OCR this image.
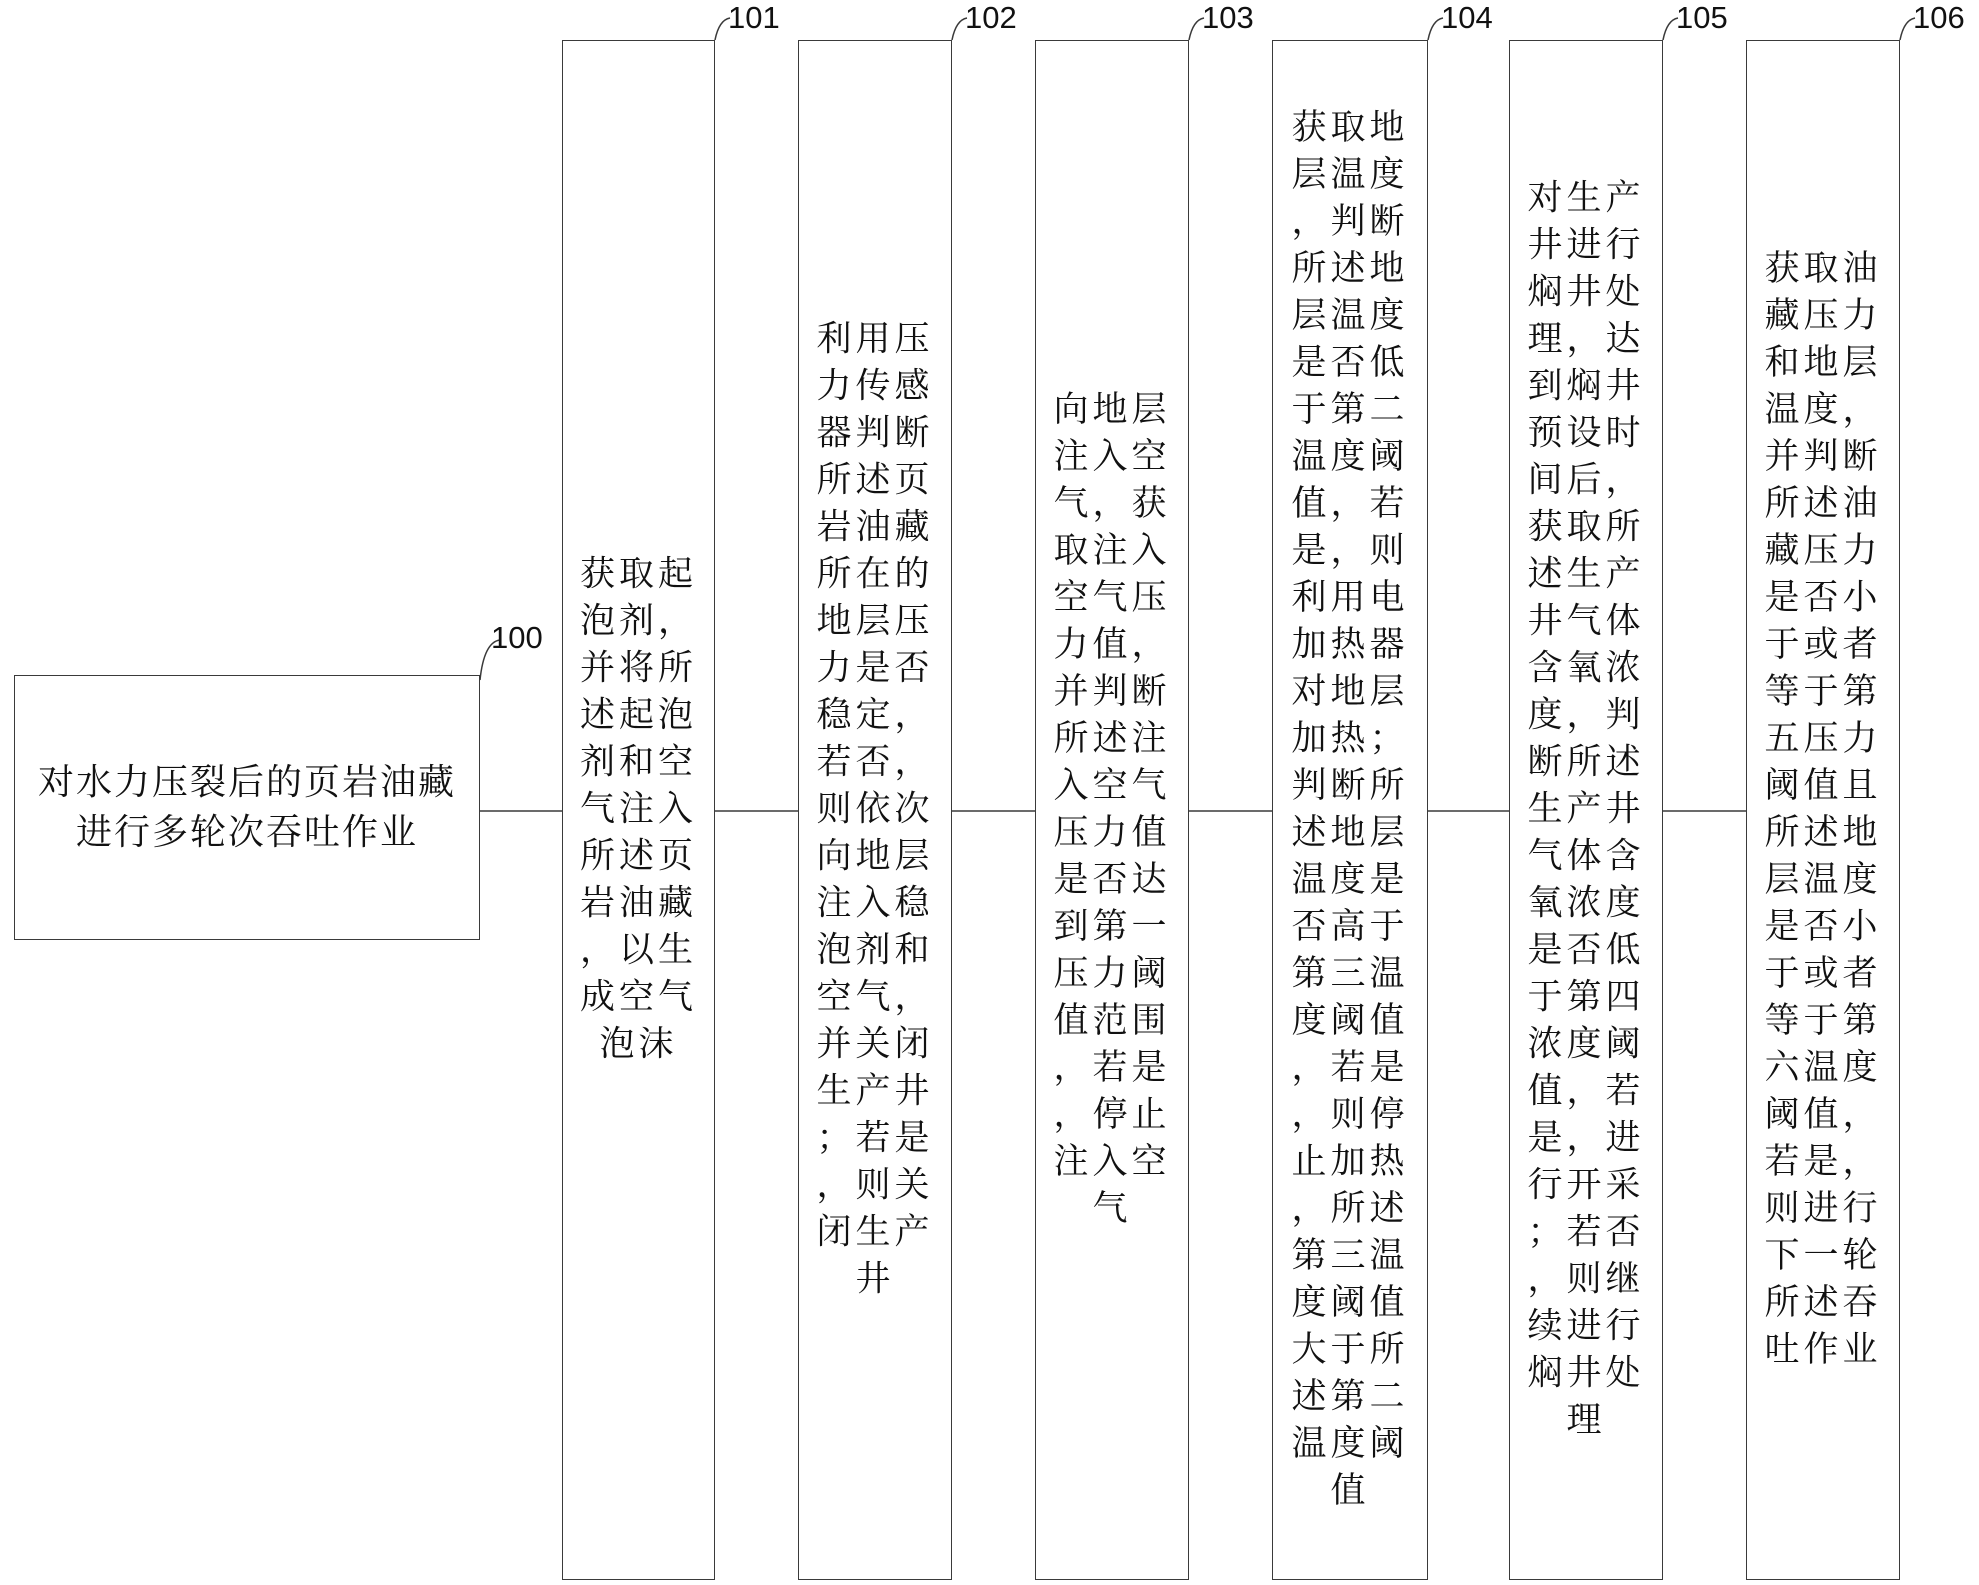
对水力压裂后的页岩油藏
进行多轮次吞吐作业
100
获取起
泡剂，
并将所
述起泡
剂和空
气注入
所述页
岩油藏
，以生
成空气
泡沫
101
利用压
力传感
器判断
所述页
岩油藏
所在的
地层压
力是否
稳定，
若否，
则依次
向地层
注入稳
泡剂和
空气，
并关闭
生产井
；若是
，则关
闭生产
井
102
向地层
注入空
气，获
取注入
空气压
力值，
并判断
所述注
入空气
压力值
是否达
到第一
压力阈
值范围
，若是
，停止
注入空
气
103
获取地
层温度
，判断
所述地
层温度
是否低
于第二
温度阈
值，若
是，则
利用电
加热器
对地层
加热；
判断所
述地层
温度是
否高于
第三温
度阈值
，若是
，则停
止加热
，所述
第三温
度阈值
大于所
述第二
温度阈
值
104
对生产
井进行
焖井处
理，达
到焖井
预设时
间后，
获取所
述生产
井气体
含氧浓
度，判
断所述
生产井
气体含
氧浓度
是否低
于第四
浓度阈
值，若
是，进
行开采
；若否
，则继
续进行
焖井处
理
105
获取油
藏压力
和地层
温度，
并判断
所述油
藏压力
是否小
于或者
等于第
五压力
阈值且
所述地
层温度
是否小
于或者
等于第
六温度
阈值，
若是，
则进行
下一轮
所述吞
吐作业
106
